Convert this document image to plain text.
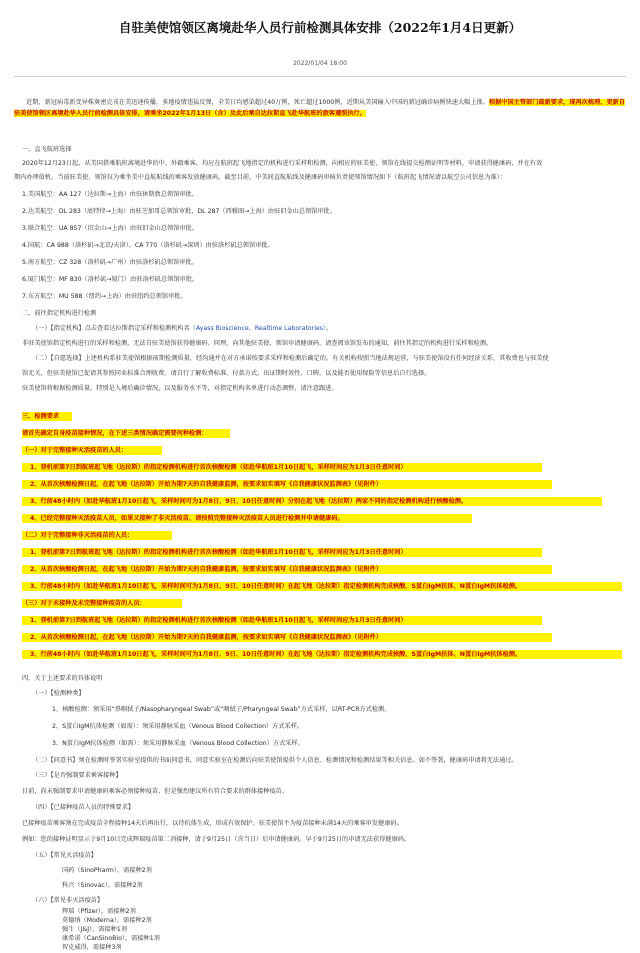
自驻美使馆领区离境赴华人员行前检测具体安排（2022年1月4日更新）
2022/01/04 18:00

近期，新冠病毒新变异株奥密克戎在美迅速传播，多地疫情违猛反弹，全美日均感染超过40万例，死亡超过1000例，近期从美国输入中国的新冠确诊病例快速大幅上涨。根据中国主管部门最新要求，现再次梳理、更新自驻美使馆领区离境赴华人员行前检测具体安排，请乘坐2022年1月13日（含）及此后乘自达拉斯直飞赴华航班的旅客遵照执行。

一、直飞航班选择

2020年12月23日起，从美国搭乘航班离境赴华的中、外籍乘客，均应在航班起飞地指定的机构进行采样和检测，向相应的驻美使、领馆在线提交检测证明等材料，申请获得健康码，并在有效

期内办理值机。当前驻美使、领馆仅为乘坐美中直航航线的乘客发放健康码。截至目前，中美间直航航线及健康码审核负责使领馆情况如下（航班起飞情况请以航空公司信息为准）：

1.美国航空：AA 127（达拉斯→上海）由驻休斯敦总领馆审批。

2.达美航空：DL 283（底特律→上海）由驻芝加哥总领馆审批、DL 287（西雅图→上海）由驻旧金山总领馆审批。

3.联合航空：UA 857（旧金山→上海）由驻旧金山总领馆审批。

4.国航：CA 988（洛杉矶→北京/天津）、CA 770（洛杉矶→深圳）由驻洛杉矶总领馆审批。

5.南方航空：CZ 328（洛杉矶→广州）由驻洛杉矶总领馆审批。

6.厦门航空：MF 830（洛杉矶→厦门）由驻洛杉矶总领馆审批。

7.东方航空：MU 588（纽约→上海）由驻纽约总领馆审批。

二、前往指定机构进行检测

（一）【指定机构】点击查看达拉斯指定采样和检测机构名（Ayass Bioscience、Realtime Laboratories）。

非驻美使馆指定机构进行的采样和检测，无法自驻美使馆获得健康码。同理，向其他驻美使、领馆申请健康码，请查阅该馆发布的通知，前往其指定的机构进行采样和检测。

（二）【自愿选择】上述机构系驻美使馆根据前期检测质量，经沟通并在对方承诺按要求采样和检测后确定的。有关机构按照当地法规运营，与驻美使馆没有任何经济关系，其收费也与驻美使

馆无关，但驻美使馆已促请其参照同业标准合理收费。请自行了解收费标准、付款方式、出证期时效性、口碑，以及能否使用保险等信息后自行选择。

驻美使馆将根据检测质量，特别是入境后确诊情况，以及服务水平等，对指定机构名单进行动态调整，请注意跟进。

三、检测要求

请首先确定自身疫苗接种情况，在下述三类情况确定需要何种检测：

（一）对于完整接种灭活疫苗的人员：

1、登机前第7日到航班起飞地（达拉斯）的指定检测机构进行首次核酸检测（如赴华航班1月10日起飞，采样时间应为1月3日任意时间）

2、从首次核酸检测日起，在起飞地（达拉斯）开始为期7天的自我健康监测，按要求如实填写《自我健康状况监测表》（见附件）

3、行前48小时内（如赴华航班1月10日起飞，采样时间可为1月8日、9日、10日任意时间）分别在起飞地（达拉斯）两家不同的指定检测机构进行核酸检测。

4、已经完整接种灭活疫苗人员，如果又接种了非灭活疫苗，请按照完整接种灭活疫苗人员进行检测并申请健康码。

（二）对于完整接种非灭活疫苗的人员：

1、登机前第7日到航班起飞地（达拉斯）的指定检测机构进行首次核酸检测（如赴华航班1月10日起飞，采样时间应为1月3日任意时间）

2、从首次核酸检测日起，在起飞地（达拉斯）开始为期7天的自我健康监测，按要求如实填写《自我健康状况监测表》（见附件）

3、行前48小时内（如赴华航班1月10日起飞，采样时间可为1月8日、9日、10日任意时间）在起飞地（达拉斯）指定检测机构完成核酸、S蛋白IgM抗体、N蛋白IgM抗体检测。

（三）对于未接种及未完整接种疫苗的人员：

1、登机前第7日到航班起飞地（达拉斯）的指定检测机构进行首次核酸检测（如赴华航班1月10日起飞，采样时间应为1月3日任意时间）

2、从首次核酸检测日起，在起飞地（达拉斯）开始为期7天的自我健康监测，按要求如实填写《自我健康状况监测表》（见附件）

3、行前48小时内（如赴华航班1月10日起飞，采样时间可为1月8日、9日、10日任意时间）在起飞地（达拉斯）指定检测机构完成核酸、S蛋白IgM抗体、N蛋白IgM抗体检测。

四、关于上述要求的具体说明

（一）【检测种类】

1、核酸检测：须采用“鼻咽拭子/Nasopharyngeal Swab”或“咽拭子/Pharyngeal Swab”方式采样，以RT-PCR方式检测。

2、S蛋白IgM抗体检测（如需）：须采用静脉采血（Venous Blood Collection）方式采样。

3、N蛋白IgM抗体检测（如需）：须采用静脉采血（Venous Blood Collection）方式采样。

（二）【同意书】须在检测时签署实验室提供的书面同意书，同意实验室在检测后向驻美使馆提供个人信息、检测情况和检测结果等相关信息。如不签署，健康码申请将无法通过。

（三）【是否强制要求乘客接种】

目前，尚未强制要求申请健康码乘客必须接种疫苗，但是强烈建议所有符合要求的群体接种疫苗。

（四）【已接种疫苗人员的特殊要求】

已接种疫苗乘客须在完成疫苗全程接种14天后再出行，以待抗体生成，形成有效保护。驻美使馆不为疫苗接种未满14天的乘客审发健康码。

例如：您的接种证明显示于9月10日完成辉瑞疫苗第二剂接种，请于9月25日（含当日）后申请健康码。早于9月25日的申请无法获得健康码。

（五）【常见灭活疫苗】

国药（SinoPharm），需接种2剂

科兴（Sinovac），需接种2剂

（六）【常见非灭活疫苗】

辉瑞（Pfizer），需接种2剂

莫德纳（Moderna），需接种2剂

强生（J&J），需接种1剂

康希诺（CanSinoBio），需接种1剂

智克威得，需接种3剂
